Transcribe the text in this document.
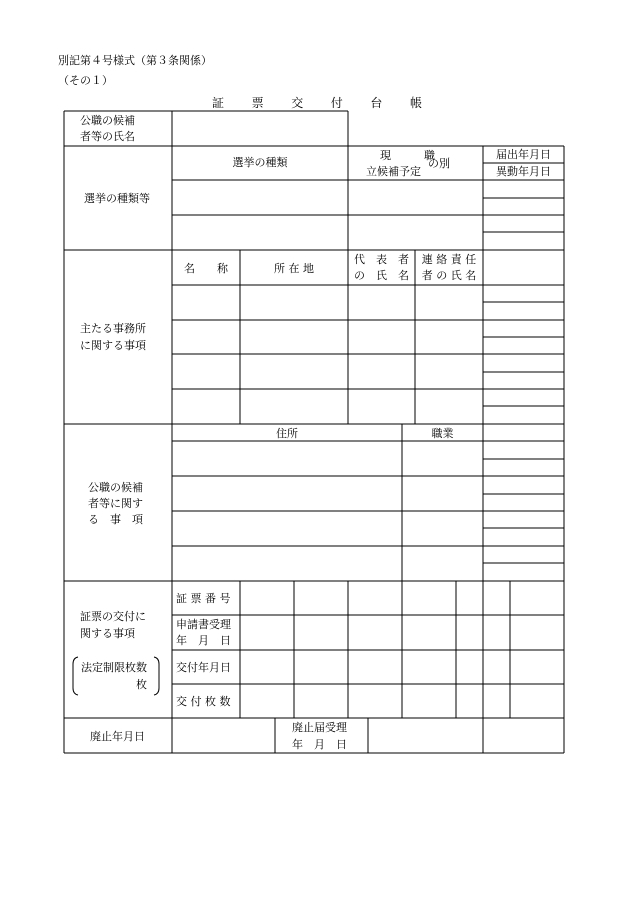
別記第４号様式（第３条関係）
（その１）
証 票 交 付 台 帳
公職の候補
者等の氏名
選挙の種類等
選挙の種類
現　　　職
立候補予定
の別
届出年月日
異動年月日
主たる事務所
に関する事項
名　　称	所 在 地
代　表　者
の　氏　名
連 絡 責 任
者 の 氏 名
公職の候補
者等に関す
る　事　項
住所	職業
証票の交付に
関する事項
法定制限枚数
枚
証 票 番 号
申請書受理
年　月　日
交付年月日
交 付 枚 数
廃止年月日
廃止届受理
年　月　日
